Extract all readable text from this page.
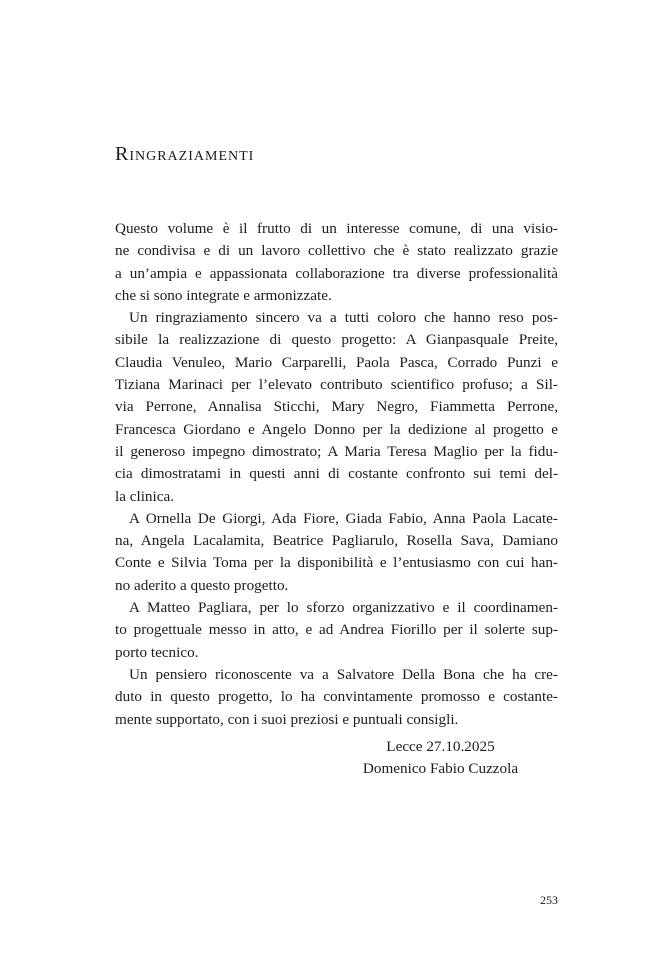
Ringraziamenti
Questo volume è il frutto di un interesse comune, di una visio-
ne condivisa e di un lavoro collettivo che è stato realizzato grazie
a un’ampia e appassionata collaborazione tra diverse professionalità
che si sono integrate e armonizzate.
Un ringraziamento sincero va a tutti coloro che hanno reso pos-
sibile la realizzazione di questo progetto: A Gianpasquale Preite,
Claudia Venuleo, Mario Carparelli, Paola Pasca, Corrado Punzi e
Tiziana Marinaci per l’elevato contributo scientifico profuso; a Sil-
via Perrone, Annalisa Sticchi, Mary Negro, Fiammetta Perrone,
Francesca Giordano e Angelo Donno per la dedizione al progetto e
il generoso impegno dimostrato; A Maria Teresa Maglio per la fidu-
cia dimostratami in questi anni di costante confronto sui temi del-
la clinica.
A Ornella De Giorgi, Ada Fiore, Giada Fabio, Anna Paola Lacate-
na, Angela Lacalamita, Beatrice Pagliarulo, Rosella Sava, Damiano
Conte e Silvia Toma per la disponibilità e l’entusiasmo con cui han-
no aderito a questo progetto.
A Matteo Pagliara, per lo sforzo organizzativo e il coordinamen-
to progettuale messo in atto, e ad Andrea Fiorillo per il solerte sup-
porto tecnico.
Un pensiero riconoscente va a Salvatore Della Bona che ha cre-
duto in questo progetto, lo ha convintamente promosso e costante-
mente supportato, con i suoi preziosi e puntuali consigli.
Lecce 27.10.2025
Domenico Fabio Cuzzola
253
